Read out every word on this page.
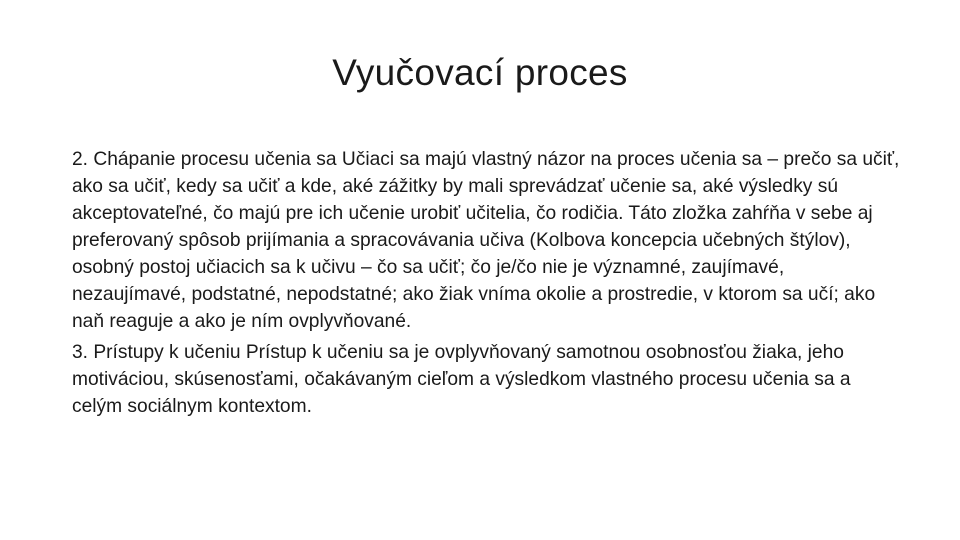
Vyučovací proces

2. Chápanie procesu učenia sa Učiaci sa majú vlastný názor na proces učenia sa – prečo sa učiť, ako sa učiť, kedy sa učiť a kde, aké zážitky by mali sprevádzať učenie sa, aké výsledky sú akceptovateľné, čo majú pre ich učenie urobiť učitelia, čo rodičia. Táto zložka zahŕňa v sebe aj preferovaný spôsob prijímania a spracovávania učiva (Kolbova koncepcia učebných štýlov), osobný postoj učiacich sa k učivu – čo sa učiť; čo je/čo nie je významné, zaujímavé, nezaujímavé, podstatné, nepodstatné; ako žiak vníma okolie a prostredie, v ktorom sa učí; ako naň reaguje a ako je ním ovplyvňované.

3. Prístupy k učeniu Prístup k učeniu sa je ovplyvňovaný samotnou osobnosťou žiaka, jeho motiváciou, skúsenosťami, očakávaným cieľom a výsledkom vlastného procesu učenia sa a celým sociálnym kontextom.
